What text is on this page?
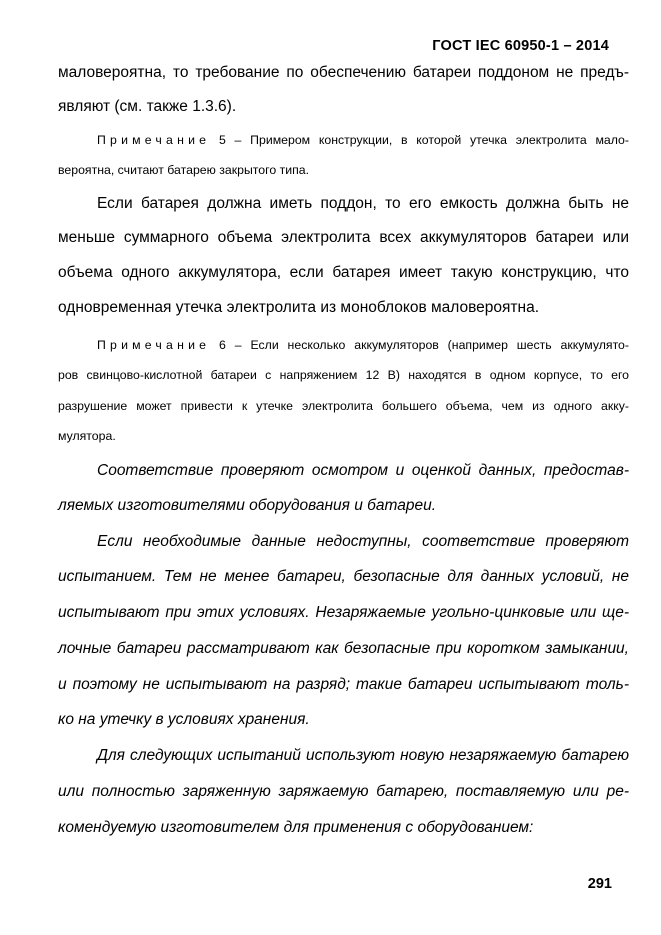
ГОСТ IEC 60950-1 – 2014
маловероятна, то требование по обеспечению батареи поддоном не предъ-
являют (см. также 1.3.6).
Примечание 5 – Примером конструкции, в которой утечка электролита мало-
вероятна, считают батарею закрытого типа.
Если батарея должна иметь поддон, то его емкость должна быть не
меньше суммарного объема электролита всех аккумуляторов батареи или
объема одного аккумулятора, если батарея имеет такую конструкцию, что
одновременная утечка электролита из моноблоков маловероятна.
Примечание 6 – Если несколько аккумуляторов (например шесть аккумулято-
ров свинцово-кислотной батареи с напряжением 12 В) находятся в одном корпусе, то его
разрушение может привести к утечке электролита большего объема, чем из одного акку-
мулятора.
Соответствие проверяют осмотром и оценкой данных, предостав-
ляемых изготовителями оборудования и батареи.
Если необходимые данные недоступны, соответствие проверяют
испытанием. Тем не менее батареи, безопасные для данных условий, не
испытывают при этих условиях. Незаряжаемые угольно-цинковые или ще-
лочные батареи рассматривают как безопасные при коротком замыкании,
и поэтому не испытывают на разряд; такие батареи испытывают толь-
ко на утечку в условиях хранения.
Для следующих испытаний используют новую незаряжаемую батарею
или полностью заряженную заряжаемую батарею, поставляемую или ре-
комендуемую изготовителем для применения с оборудованием:
291
